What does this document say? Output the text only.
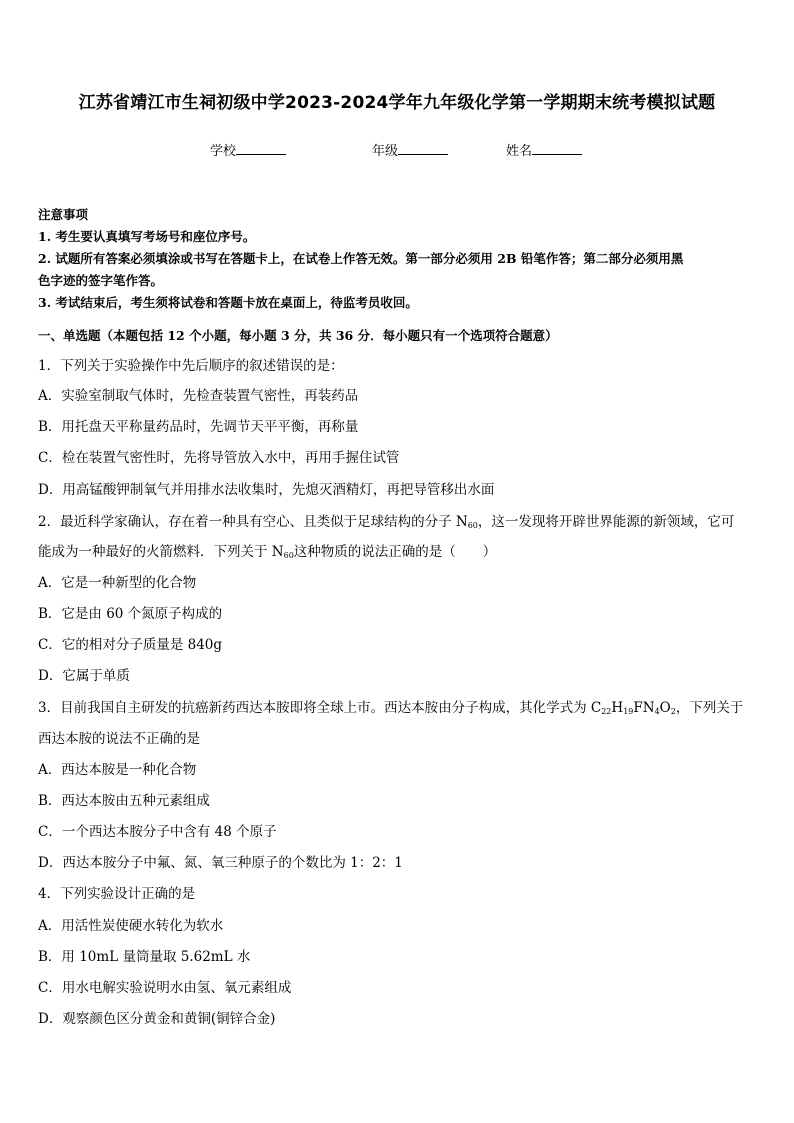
江苏省靖江市生祠初级中学2023-2024学年九年级化学第一学期期末统考模拟试题
学校	年级	姓名
注意事项
1. 考生要认真填写考场号和座位序号。
2. 试题所有答案必须填涂或书写在答题卡上，在试卷上作答无效。第一部分必须用 2B 铅笔作答；第二部分必须用黑
色字迹的签字笔作答。
3. 考试结束后，考生须将试卷和答题卡放在桌面上，待监考员收回。
一、单选题（本题包括 12 个小题，每小题 3 分，共 36 分．每小题只有一个选项符合题意）
1．下列关于实验操作中先后顺序的叙述错误的是：
A．实验室制取气体时，先检查装置气密性，再装药品
B．用托盘天平称量药品时，先调节天平平衡，再称量
C．检在装置气密性时，先将导管放入水中，再用手握住试管
D．用高锰酸钾制氧气并用排水法收集时，先熄灭酒精灯，再把导管移出水面
2．最近科学家确认，存在着一种具有空心、且类似于足球结构的分子 $N_{60}$，这一发现将开辟世界能源的新领域，它可
能成为一种最好的火箭燃料．下列关于 $N_{60}$这种物质的说法正确的是（　　）
A．它是一种新型的化合物
B．它是由 60 个氮原子构成的
C．它的相对分子质量是 840g
D．它属于单质
3．目前我国自主研发的抗癌新药西达本胺即将全球上市。西达本胺由分子构成，其化学式为 $C_{22}H_{19}FN_4O_2$，下列关于
西达本胺的说法不正确的是
A．西达本胺是一种化合物
B．西达本胺由五种元素组成
C．一个西达本胺分子中含有 48 个原子
D．西达本胺分子中氟、氮、氧三种原子的个数比为 1：2：1
4．下列实验设计正确的是
A．用活性炭使硬水转化为软水
B．用 10mL 量筒量取 5.62mL 水
C．用水电解实验说明水由氢、氧元素组成
D．观察颜色区分黄金和黄铜(铜锌合金)
